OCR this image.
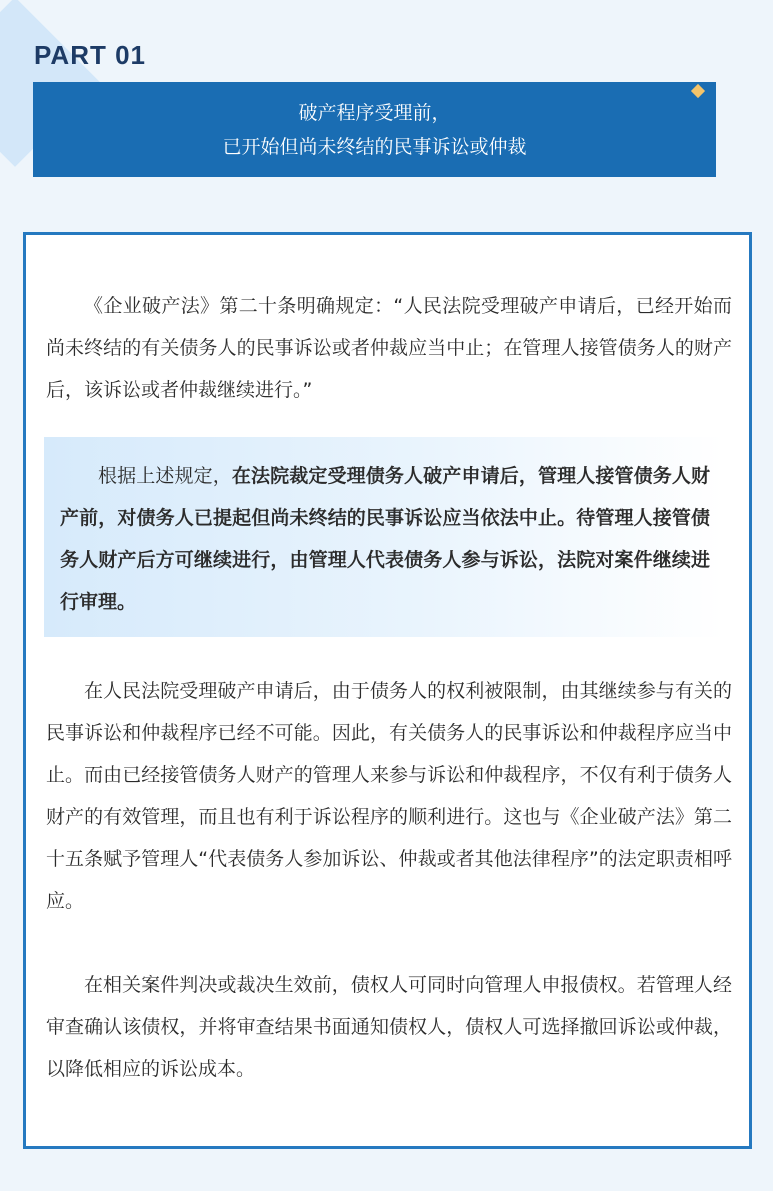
PART 01
破产程序受理前，
已开始但尚未终结的民事诉讼或仲裁

《企业破产法》第二十条明确规定：“人民法院受理破产申请后，已经开始而尚未终结的有关债务人的民事诉讼或者仲裁应当中止；在管理人接管债务人的财产后，该诉讼或者仲裁继续进行。”

根据上述规定，在法院裁定受理债务人破产申请后，管理人接管债务人财产前，对债务人已提起但尚未终结的民事诉讼应当依法中止。待管理人接管债务人财产后方可继续进行，由管理人代表债务人参与诉讼，法院对案件继续进行审理。

在人民法院受理破产申请后，由于债务人的权利被限制，由其继续参与有关的民事诉讼和仲裁程序已经不可能。因此，有关债务人的民事诉讼和仲裁程序应当中止。而由已经接管债务人财产的管理人来参与诉讼和仲裁程序，不仅有利于债务人财产的有效管理，而且也有利于诉讼程序的顺利进行。这也与《企业破产法》第二十五条赋予管理人“代表债务人参加诉讼、仲裁或者其他法律程序”的法定职责相呼应。

在相关案件判决或裁决生效前，债权人可同时向管理人申报债权。若管理人经审查确认该债权，并将审查结果书面通知债权人，债权人可选择撤回诉讼或仲裁，以降低相应的诉讼成本。
